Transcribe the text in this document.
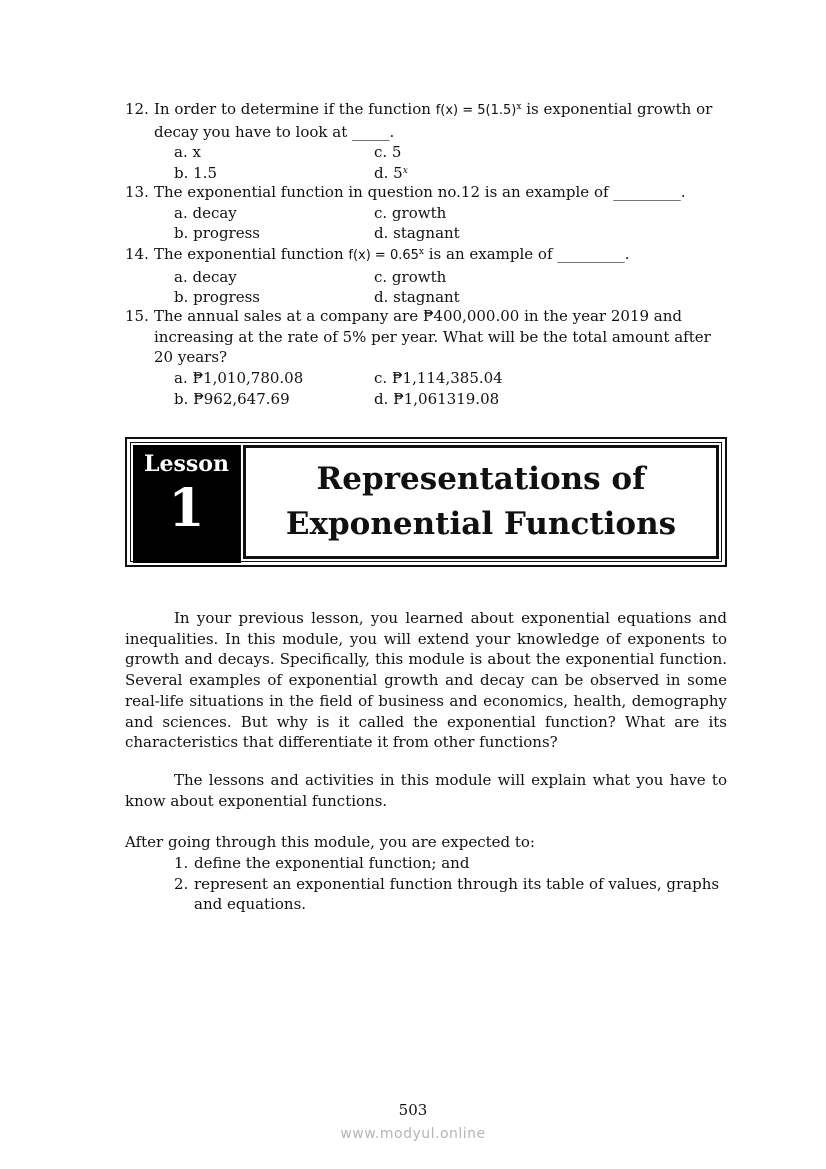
12. In order to determine if the function $f(x) = 5(1.5)^x$ is exponential growth or decay you have to look at _____.
a. x	c. 5
b. 1.5	d. 5$^x$
13. The exponential function in question no.12 is an example of _________.
a. decay	c. growth
b. progress	d. stagnant
14. The exponential function $f(x) = 0.65^x$ is an example of _________.
a. decay	c. growth
b. progress	d. stagnant
15. The annual sales at a company are ₱400,000.00 in the year 2019 and increasing at the rate of 5% per year. What will be the total amount after 20 years?
a. ₱1,010,780.08	c. ₱1,114,385.04
b. ₱962,647.69	d. ₱1,061319.08
Lesson
1	Representations of
Exponential Functions

In your previous lesson, you learned about exponential equations and inequalities. In this module, you will extend your knowledge of exponents to growth and decays. Specifically, this module is about the exponential function. Several examples of exponential growth and decay can be observed in some real-life situations in the field of business and economics, health, demography and sciences. But why is it called the exponential function? What are its characteristics that differentiate it from other functions?

The lessons and activities in this module will explain what you have to know about exponential functions.

After going through this module, you are expected to:
1. define the exponential function; and
2. represent an exponential function through its table of values, graphs and equations.
503
www.modyul.online
